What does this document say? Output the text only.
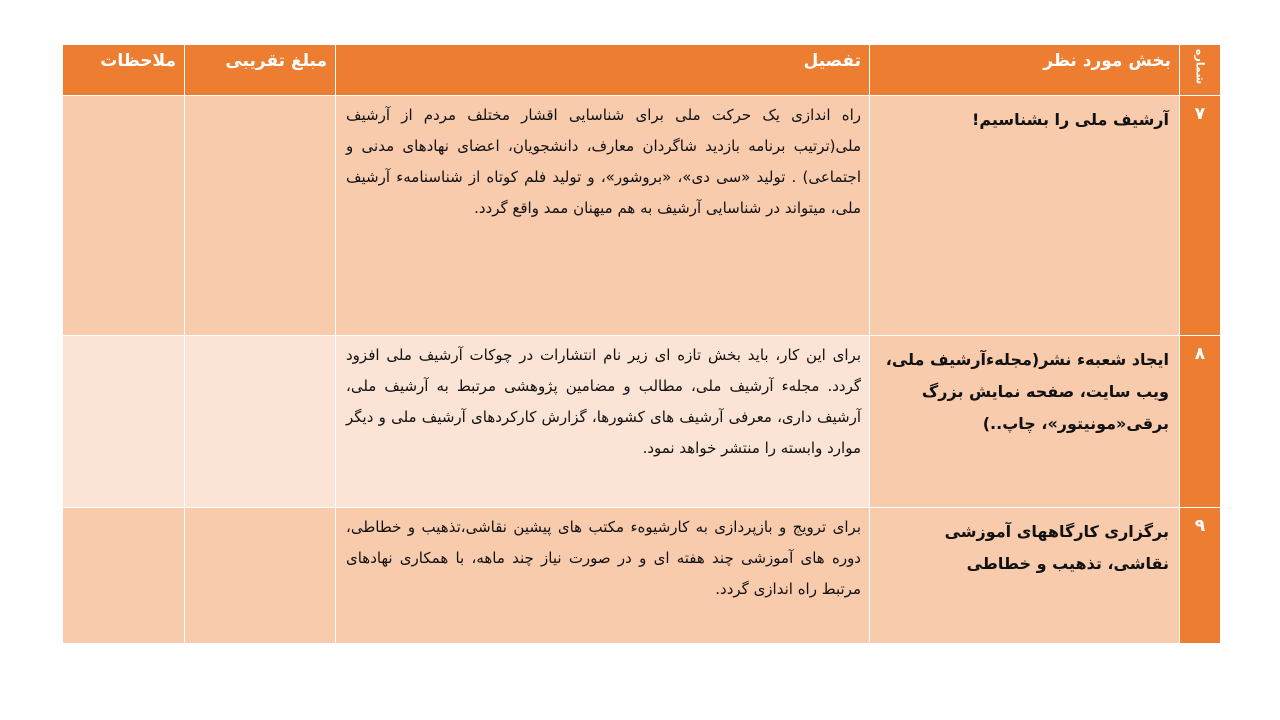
شماره	بخش مورد نظر	تفصیل	مبلغ تقریبی	ملاحظات
۷	آرشیف ملی را بشناسیم!	راه اندازی یک حرکت ملی برای شناسایی اقشار مختلف مردم از آرشیف ملی(ترتیب برنامه بازدید شاگردان معارف، دانشجویان، اعضای نهادهای مدنی و اجتماعی) . تولید «سی دی»، «بروشور»، و تولید فلم کوتاه از شناسنامهء آرشیف ملی، میتواند در شناسایی آرشیف به هم میهنان ممد واقع گردد.		
۸	ایجاد شعبهء نشر(مجلهءآرشیف ملی، ویب سایت، صفحه نمایش بزرگ برقی«مونیتور»، چاپ..)	برای این کار، باید بخش تازه ای زیر نام انتشارات در چوکات آرشیف ملی افزود گردد. مجلهء آرشیف ملی، مطالب و مضامین پژوهشی مرتبط به آرشیف ملی، آرشیف داری، معرفی آرشیف های کشورها، گزارش کارکردهای آرشیف ملی و دیگر موارد وابسته را منتشر خواهد نمود.		
۹	برگزاری کارگاههای آموزشی نقاشی، تذهیب و خطاطی	برای ترویج و بازپردازی به کارشیوهء مکتب های پیشین نقاشی،تذهیب و خطاطی، دوره های آموزشی چند هفته ای و در صورت نیاز چند ماهه، با همکاری نهادهای مرتبط راه اندازی گردد.		
